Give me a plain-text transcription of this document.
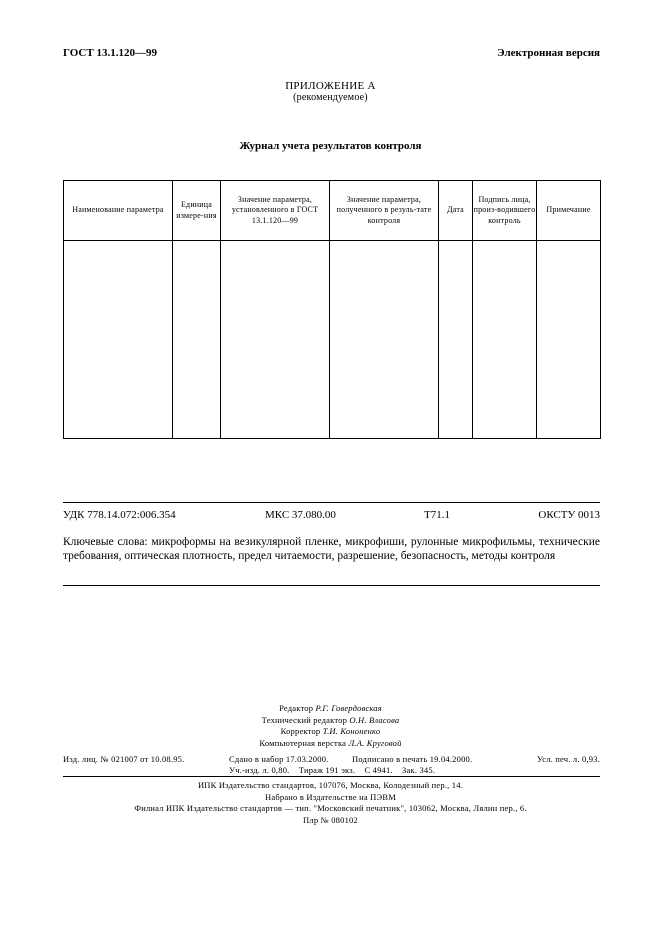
ГОСТ 13.1.120—99	Электронная версия
ПРИЛОЖЕНИЕ А
(рекомендуемое)
Журнал учета результатов контроля
Наименование параметра	Единица измере-ния	Значение параметра, установленного в ГОСТ 13.1.120—99	Значение параметра, полученного в резуль-тате контроля	Дата	Подпись лица, произ-водившего контроль	Примечание

УДК 778.14.072:006.354	МКС 37.080.00	Т71.1	ОКСТУ 0013
Ключевые слова: микроформы на везикулярной пленке, микрофиши, рулонные микрофильмы, технические требования, оптическая плотность, предел читаемости, разрешение, безопасность, методы контроля
Редактор Р.Г. Говердовская
Технический редактор О.Н. Власова
Корректор Т.И. Кононенко
Компьютерная верстка Л.А. Круговой
Изд. лиц. № 021007 от 10.08.95.	Сдано в набор 17.03.2000.	Подписано в печать 19.04.2000.	Усл. печ. л. 0,93.
Уч.-изд. л. 0,80.    Тираж 191 экз.    С 4941.    Зак. 345.
ИПК Издательство стандартов, 107076, Москва, Колодезный пер., 14.
Набрано в Издательстве на ПЭВМ
Филиал ИПК Издательство стандартов — тип. "Московский печатник", 103062, Москва, Лялин пер., 6.
Плр № 080102
